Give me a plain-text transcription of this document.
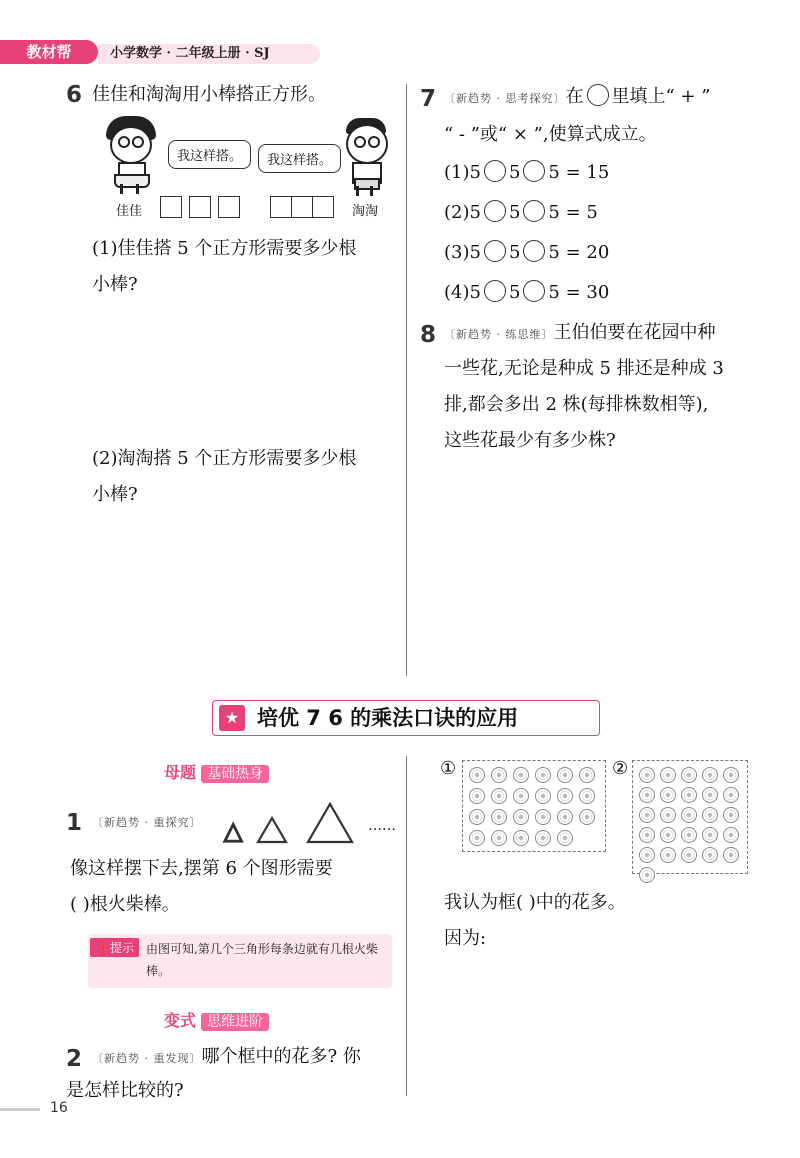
教材帮	小学数学 · 二年级上册 · SJ
6 佳佳和淘淘用小棒搭正方形。
我这样搭。	我这样搭。
佳佳	淘淘
(1)佳佳搭 5 个正方形需要多少根
小棒?
(2)淘淘搭 5 个正方形需要多少根
小棒?
7 〔新趋势 · 思考探究〕在 里填上“ + ”
“ - ”或“ × ”,使算式成立。
(1)5 5 5 = 15
(2)5 5 5 = 5
(3)5 5 5 = 20
(4)5 5 5 = 30
8 〔新趋势 · 练思维〕王伯伯要在花园中种
一些花,无论是种成 5 排还是种成 3
排,都会多出 2 株(每排株数相等),
这些花最少有多少株?
★ 培优 7 6 的乘法口诀的应用
母题 基础热身
1 〔新趋势 · 重探究〕	……
像这样摆下去,摆第 6 个图形需要
( )根火柴棒。
❗提示	由图可知,第几个三角形每条边就有几根火柴棒。
变式 思维进阶
2 〔新趋势 · 重发现〕哪个框中的花多? 你
是怎样比较的?
①	②
我认为框( )中的花多。
因为:
16
